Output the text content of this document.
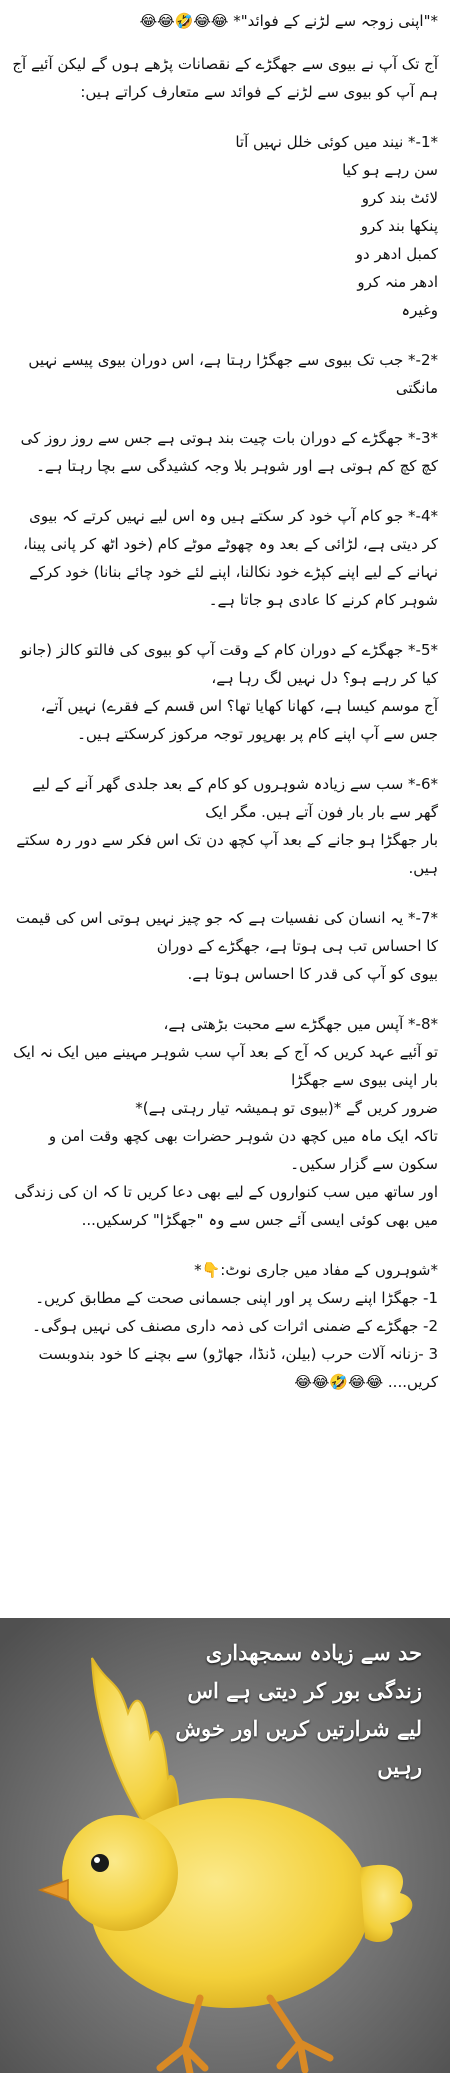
*"اپنی زوجہ سے لڑنے کے فوائد"* 😂😂🤣😂😂

آج تک آپ نے بیوی سے جھگڑے کے نقصانات پڑھے ہوں گے لیکن آئیے آج ہم آپ کو بیوی سے لڑنے کے فوائد سے متعارف کراتے ہیں:

*1-* نیند میں کوئی خلل نہیں آتا

سن رہے ہو کیا

لائٹ بند کرو

پنکھا بند کرو

کمبل ادھر دو

ادھر منہ کرو

وغیرہ

*2-* جب تک بیوی سے جھگڑا رہتا ہے، اس دوران بیوی پیسے نہیں مانگتی

*3-* جھگڑے کے دوران بات چیت بند ہوتی ہے جس سے روز روز کی کچ کچ کم ہوتی ہے اور شوہر بلا وجہ کشیدگی سے بچا رہتا ہے۔

*4-* جو کام آپ خود کر سکتے ہیں وہ اس لیے نہیں کرتے کہ بیوی کر دیتی ہے، لڑائی کے بعد وہ چھوٹے موٹے کام (خود اٹھ کر پانی پینا، نہانے کے لیے اپنے کپڑے خود نکالنا، اپنے لئے خود چائے بنانا) خود کرکے شوہر کام کرنے کا عادی ہو جاتا ہے۔

*5-* جھگڑے کے دوران کام کے وقت آپ کو بیوی کی فالتو کالز (جانو کیا کر رہے ہو؟ دل نہیں لگ رہا ہے،

آج موسم کیسا ہے، کھانا کھایا تھا؟ اس قسم کے فقرے) نہیں آتے، جس سے آپ اپنے کام پر بھرپور توجہ مرکوز کرسکتے ہیں۔

*6-* سب سے زیادہ شوہروں کو کام کے بعد جلدی گھر آنے کے لیے گھر سے بار بار فون آتے ہیں. مگر ایک

بار جھگڑا ہو جانے کے بعد آپ کچھ دن تک اس فکر سے دور رہ سکتے ہیں.

*7-* یہ انسان کی نفسیات ہے کہ جو چیز نہیں ہوتی اس کی قیمت کا احساس تب ہی ہوتا ہے، جھگڑے کے دوران

بیوی کو آپ کی قدر کا احساس ہوتا ہے.

*8-* آپس میں جھگڑے سے محبت بڑھتی ہے،

تو آئیے عہد کریں کہ آج کے بعد آپ سب شوہر مہینے میں ایک نہ ایک بار اپنی بیوی سے جھگڑا

ضرور کریں گے *(بیوی تو ہمیشہ تیار رہتی ہے)*

تاکہ ایک ماہ میں کچھ دن شوہر حضرات بھی کچھ وقت امن و سکون سے گزار سکیں۔

اور ساتھ میں سب کنواروں کے لیے بھی دعا کریں تا کہ ان کی زندگی میں بھی کوئی ایسی آئے جس سے وہ "جھگڑا" کرسکیں...

*شوہروں کے مفاد میں جاری نوٹ:👇*

1- جھگڑا اپنے رسک پر اور اپنی جسمانی صحت کے مطابق کریں۔

2- جھگڑے کے ضمنی اثرات کی ذمہ داری مصنف کی نہیں ہوگی۔

3 -زنانہ آلات حرب (بیلن، ڈنڈا، جھاڑو) سے بچنے کا خود بندوبست کریں.... 😂😂🤣😂😂

حد سے زیادہ سمجھداری زندگی بور کر دیتی ہے اس لیے شرارتیں کریں اور خوش رہیں
